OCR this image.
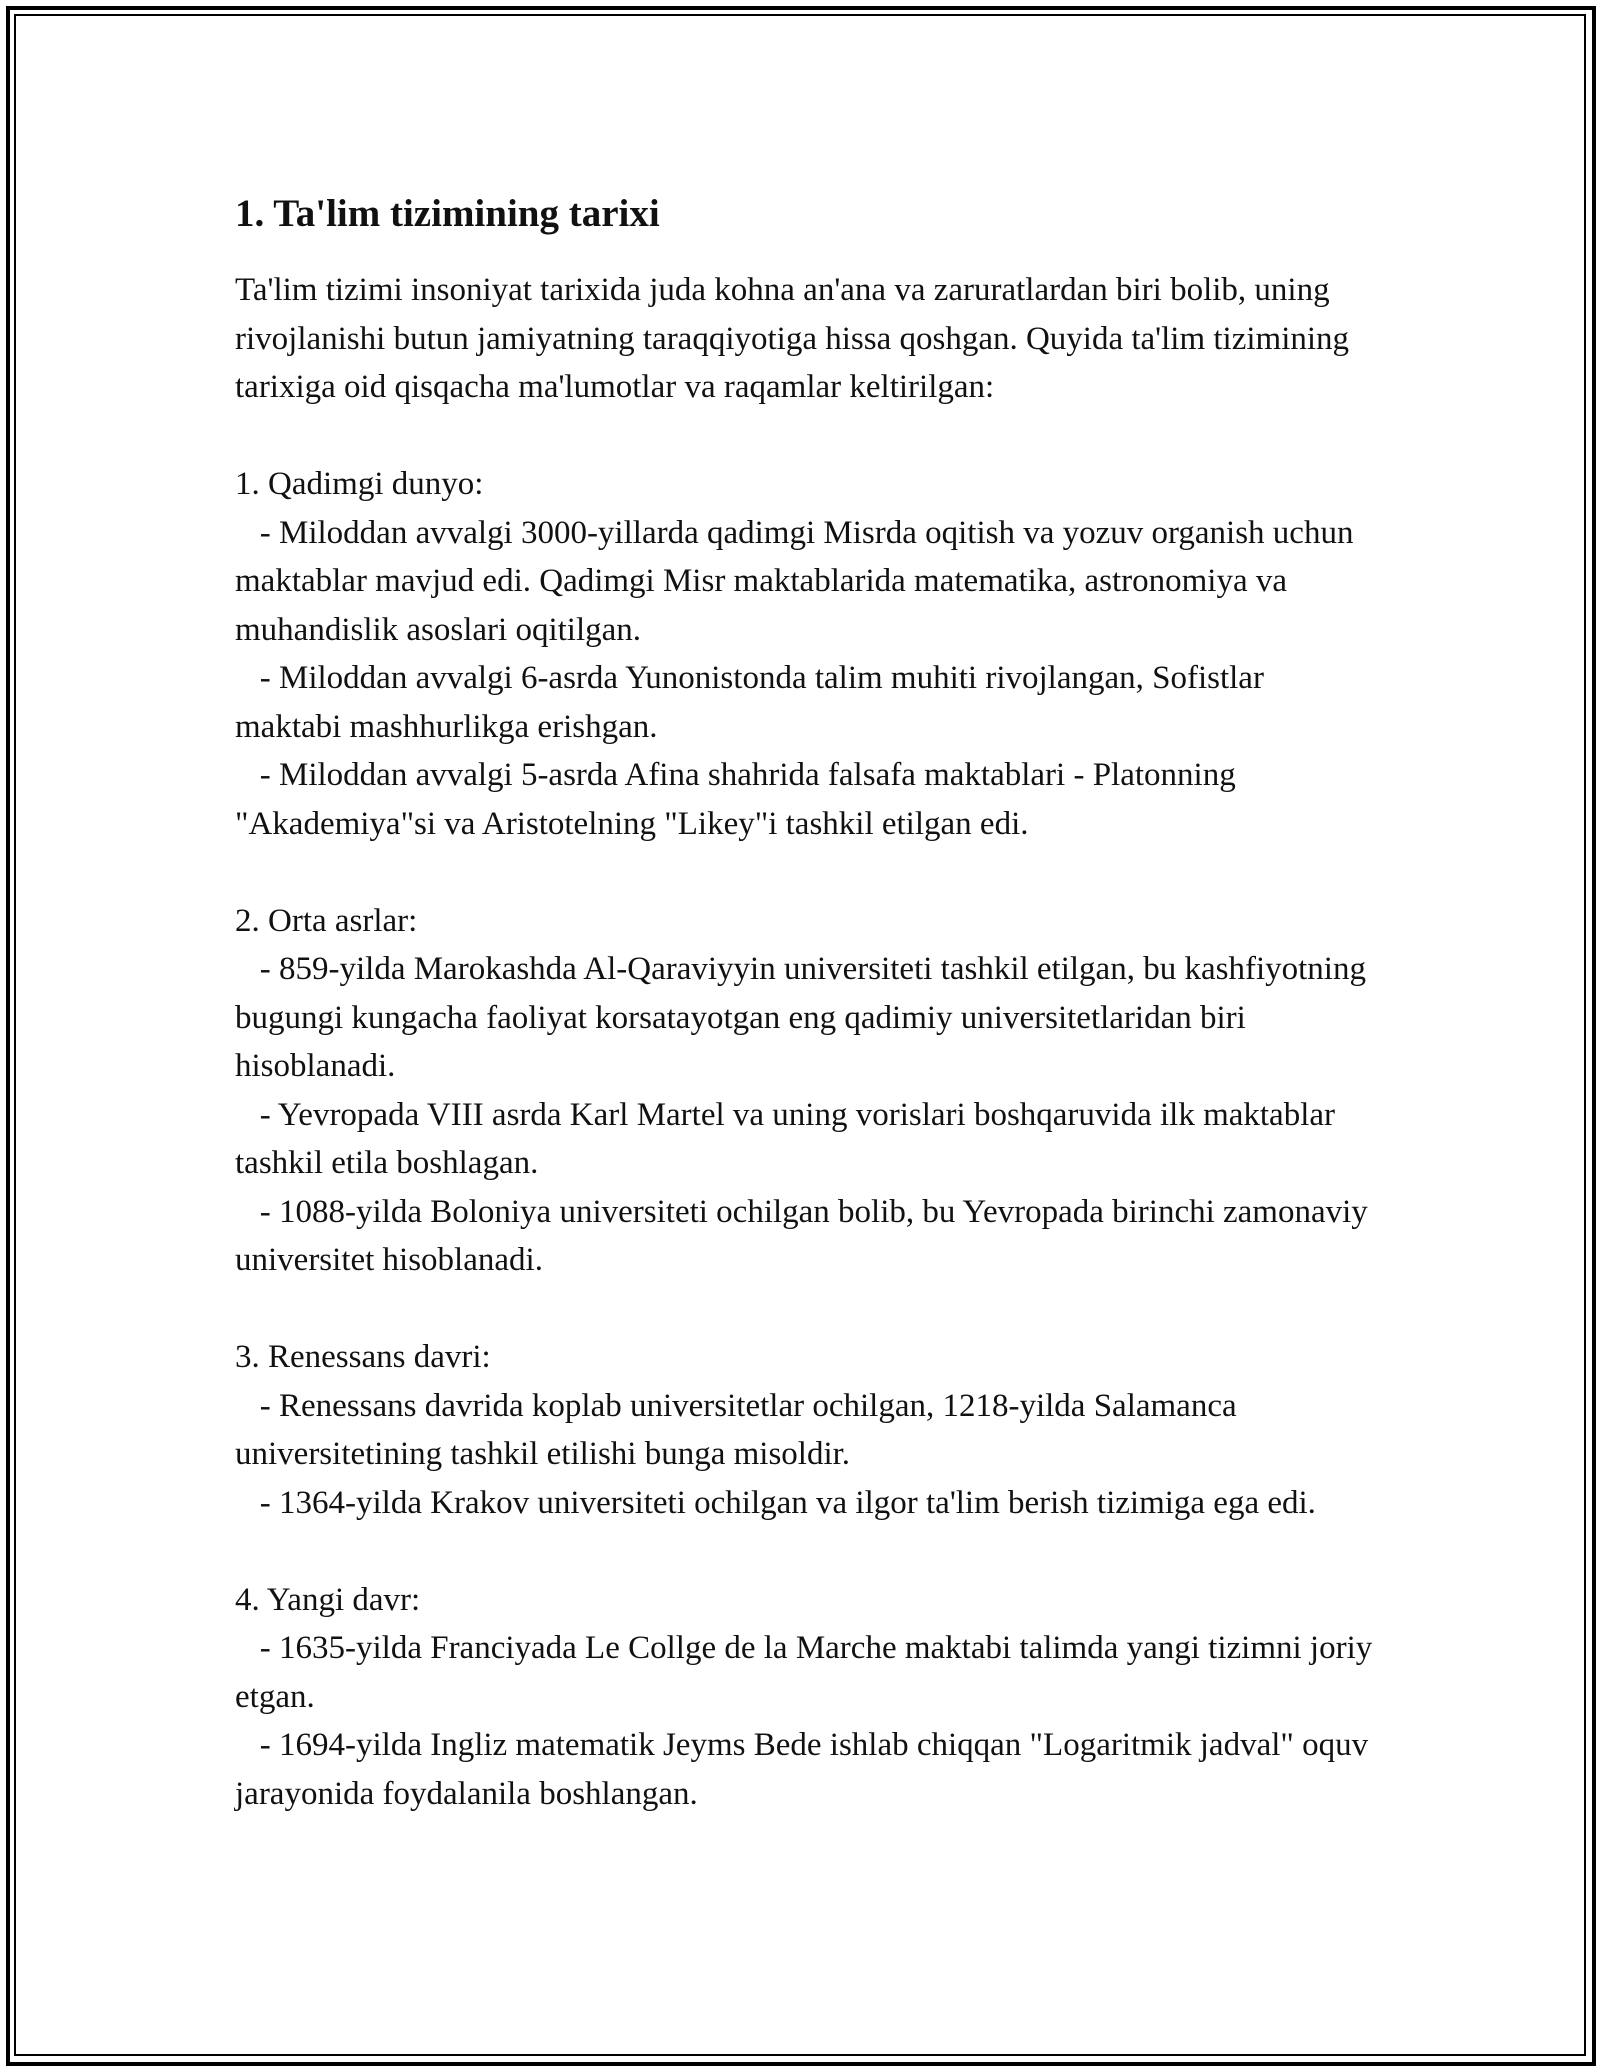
1. Ta'lim tizimining tarixi

Ta'lim tizimi insoniyat tarixida juda kohna an'ana va zaruratlardan biri bolib, uning rivojlanishi butun jamiyatning taraqqiyotiga hissa qoshgan. Quyida ta'lim tizimining tarixiga oid qisqacha ma'lumotlar va raqamlar keltirilgan:

1. Qadimgi dunyo:

- Miloddan avvalgi 3000-yillarda qadimgi Misrda oqitish va yozuv organish uchun maktablar mavjud edi. Qadimgi Misr maktablarida matematika, astronomiya va muhandislik asoslari oqitilgan.

- Miloddan avvalgi 6-asrda Yunonistonda talim muhiti rivojlangan, Sofistlar maktabi mashhurlikga erishgan.

- Miloddan avvalgi 5-asrda Afina shahrida falsafa maktablari - Platonning "Akademiya"si va Aristotelning "Likey"i tashkil etilgan edi.

2. Orta asrlar:

- 859-yilda Marokashda Al-Qaraviyyin universiteti tashkil etilgan, bu kashfiyotning bugungi kungacha faoliyat korsatayotgan eng qadimiy universitetlaridan biri hisoblanadi.

- Yevropada VIII asrda Karl Martel va uning vorislari boshqaruvida ilk maktablar tashkil etila boshlagan.

- 1088-yilda Boloniya universiteti ochilgan bolib, bu Yevropada birinchi zamonaviy universitet hisoblanadi.

3. Renessans davri:

- Renessans davrida koplab universitetlar ochilgan, 1218-yilda Salamanca universitetining tashkil etilishi bunga misoldir.

- 1364-yilda Krakov universiteti ochilgan va ilgor ta'lim berish tizimiga ega edi.

4. Yangi davr:

- 1635-yilda Franciyada Le Collge de la Marche maktabi talimda yangi tizimni joriy etgan.

- 1694-yilda Ingliz matematik Jeyms Bede ishlab chiqqan "Logaritmik jadval" oquv jarayonida foydalanila boshlangan.
